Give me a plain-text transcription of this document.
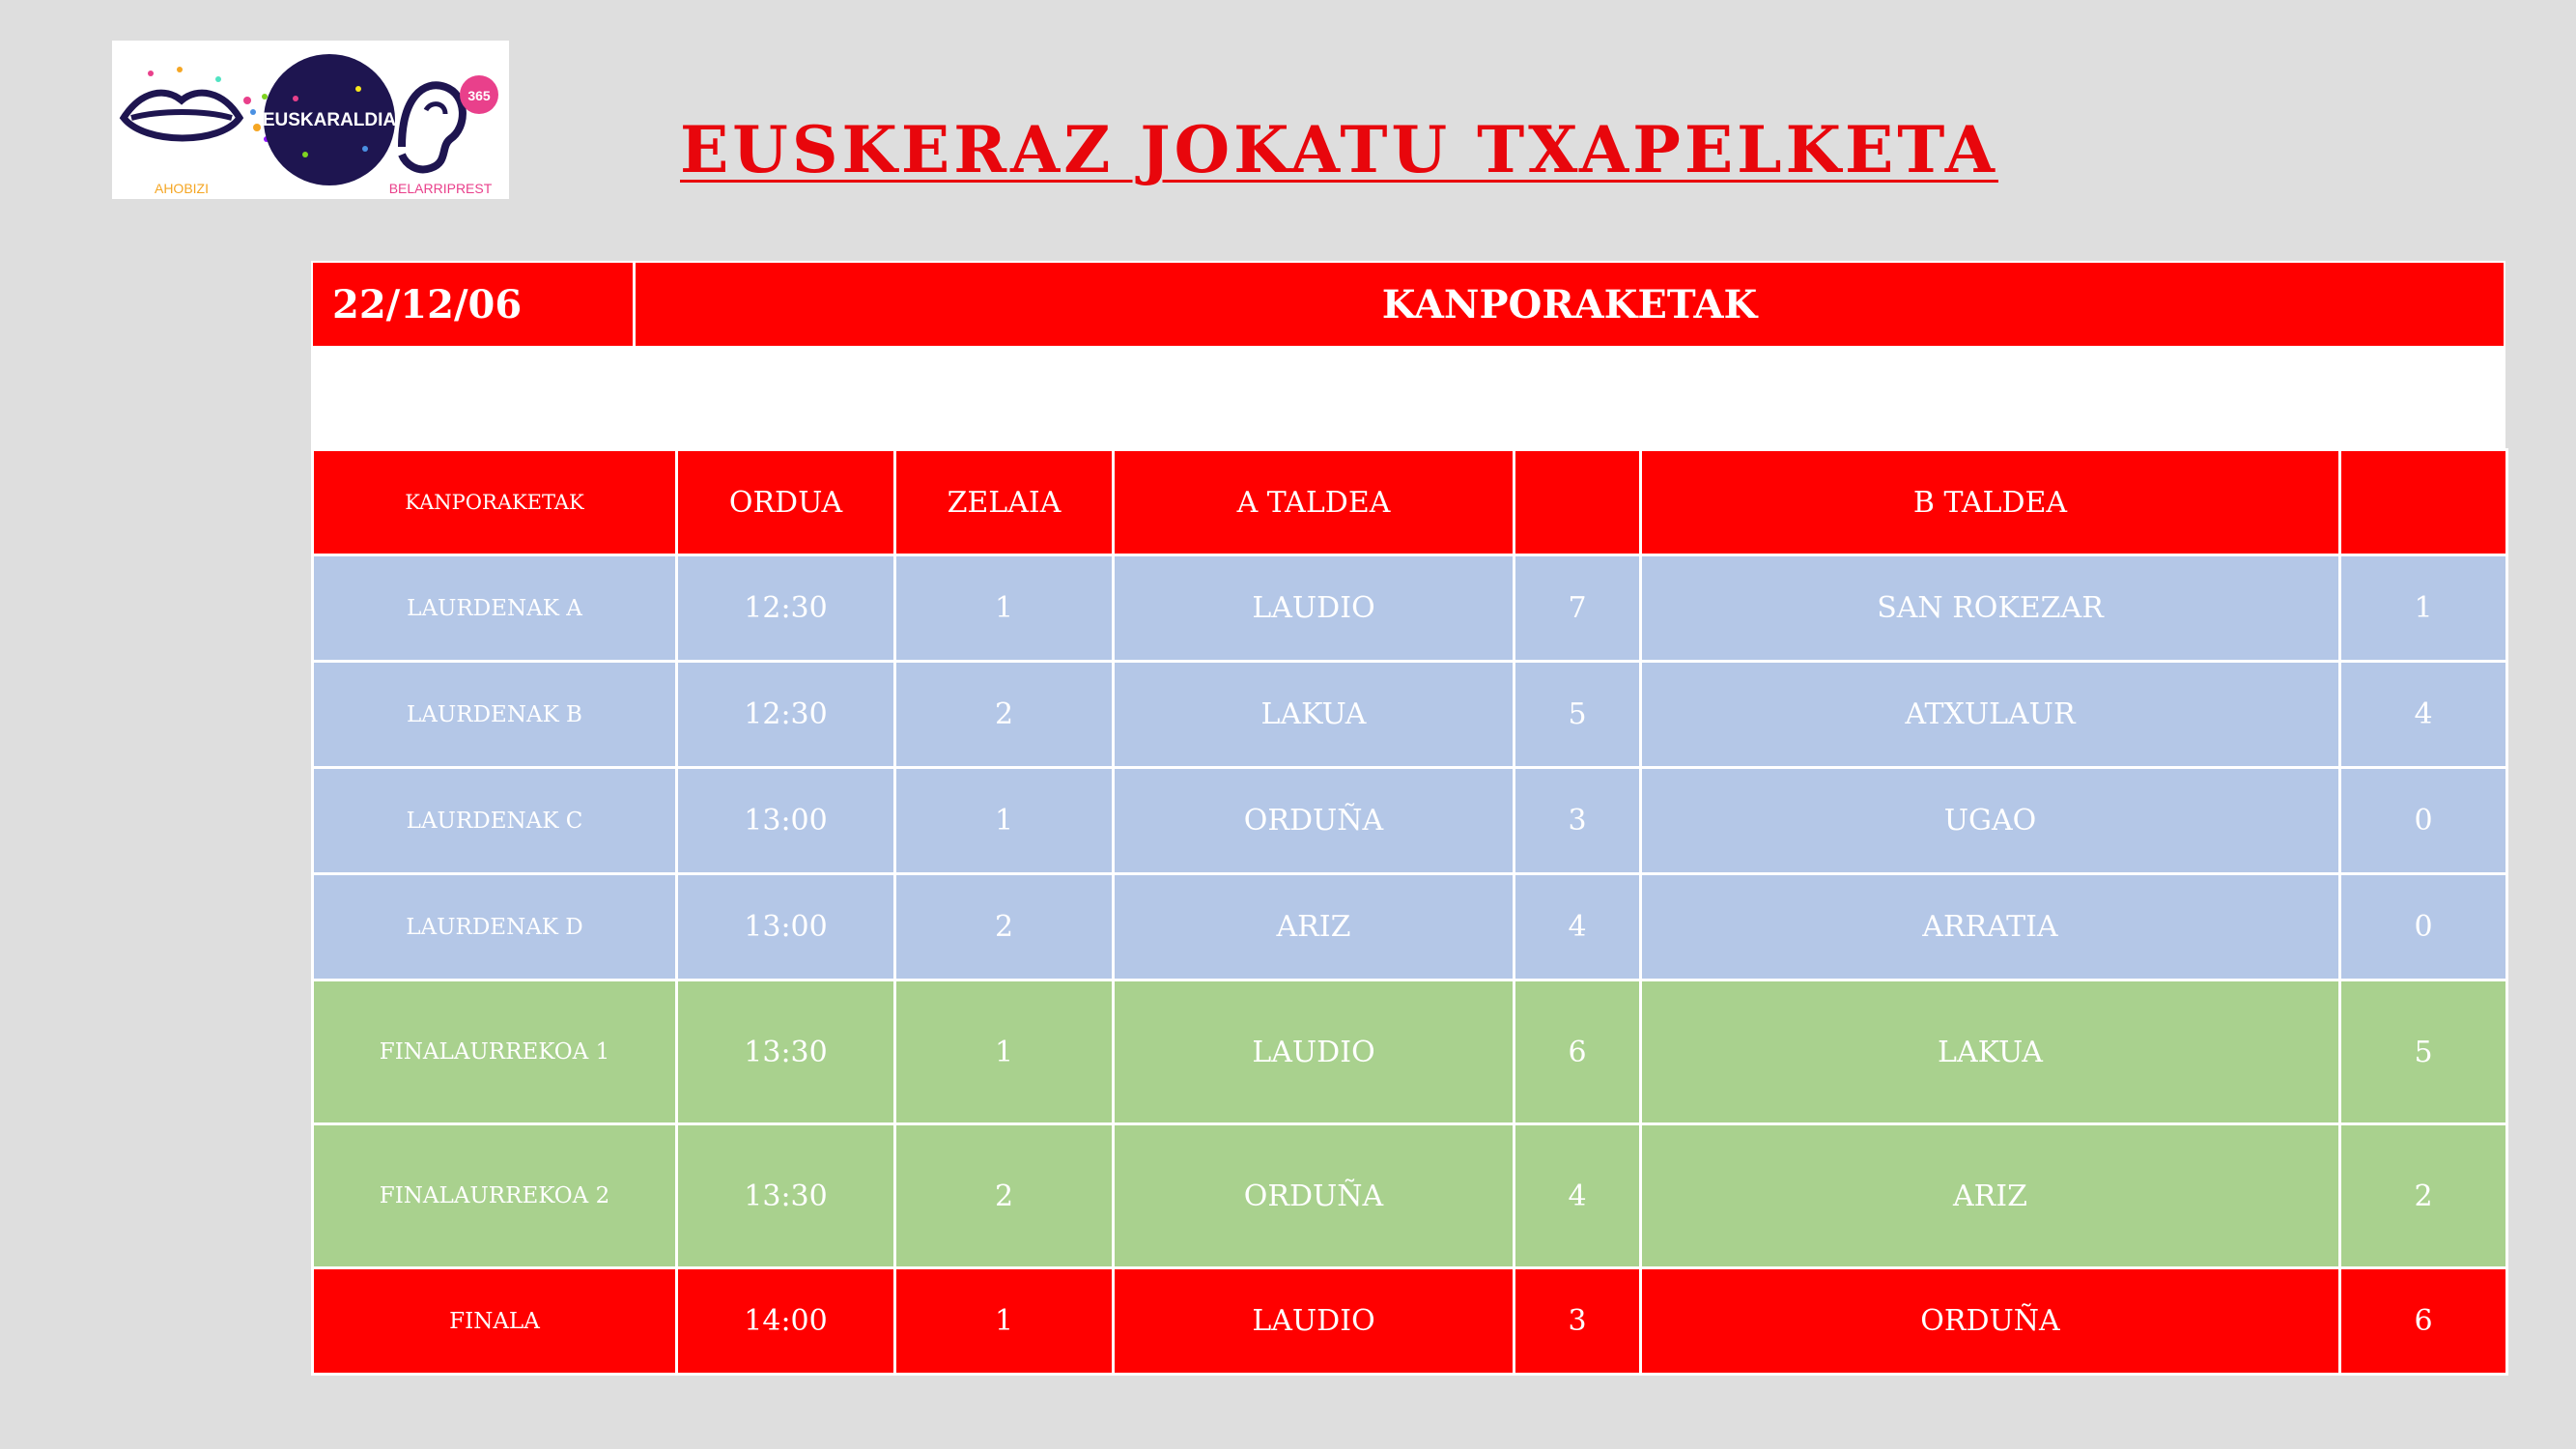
EUSKARALDIA
365
AHOBIZI	BELARRIPREST
EUSKERAZ JOKATU TXAPELKETA
22/12/06	KANPORAKETAK
KANPORAKETAK	ORDUA	ZELAIA	A TALDEA		B TALDEA	
LAURDENAK A	12:30	1	LAUDIO	7	SAN ROKEZAR	1
LAURDENAK B	12:30	2	LAKUA	5	ATXULAUR	4
LAURDENAK C	13:00	1	ORDUÑA	3	UGAO	0
LAURDENAK D	13:00	2	ARIZ	4	ARRATIA	0
FINALAURREKOA 1	13:30	1	LAUDIO	6	LAKUA	5
FINALAURREKOA 2	13:30	2	ORDUÑA	4	ARIZ	2
FINALA	14:00	1	LAUDIO	3	ORDUÑA	6
